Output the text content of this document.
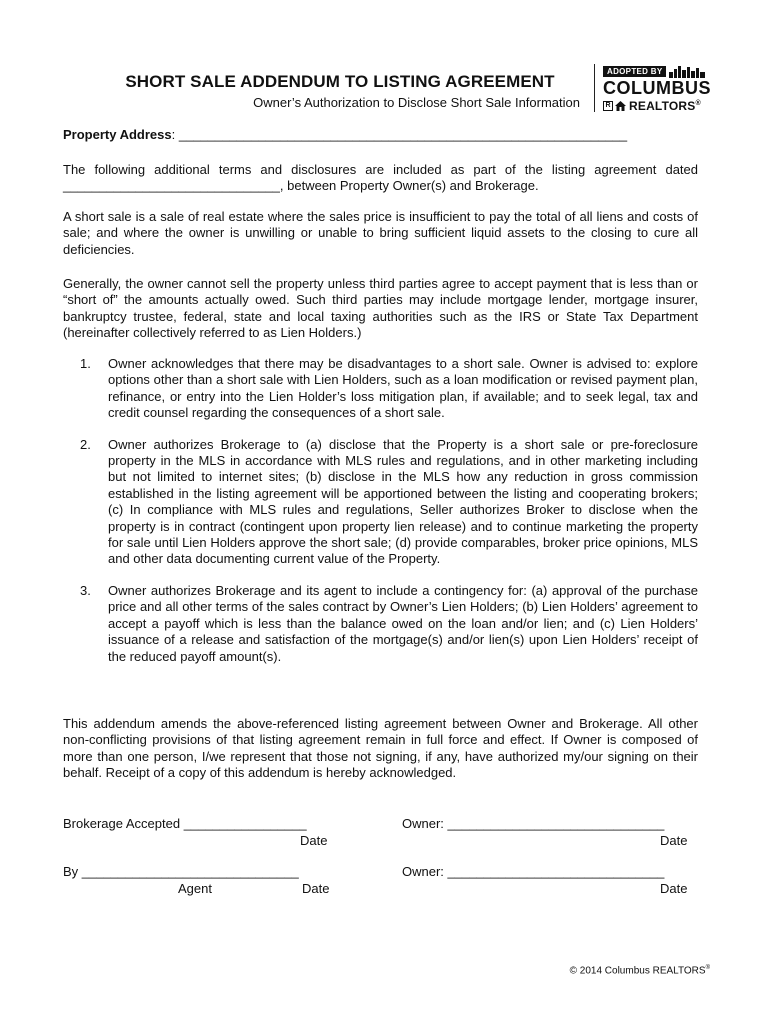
SHORT SALE ADDENDUM TO LISTING AGREEMENT
Owner’s Authorization to Disclose Short Sale Information
ADOPTED BY
COLUMBUS
R REALTORS®
Property Address: ______________________________________________________________
The following additional terms and disclosures are included as part of the listing agreement dated ______________________________, between Property Owner(s) and Brokerage.
A short sale is a sale of real estate where the sales price is insufficient to pay the total of all liens and costs of sale; and where the owner is unwilling or unable to bring sufficient liquid assets to the closing to cure all deficiencies.
Generally, the owner cannot sell the property unless third parties agree to accept payment that is less than or “short of” the amounts actually owed. Such third parties may include mortgage lender, mortgage insurer, bankruptcy trustee, federal, state and local taxing authorities such as the IRS or State Tax Department (hereinafter collectively referred to as Lien Holders.)
1.	Owner acknowledges that there may be disadvantages to a short sale. Owner is advised to: explore options other than a short sale with Lien Holders, such as a loan modification or revised payment plan, refinance, or entry into the Lien Holder’s loss mitigation plan, if available; and to seek legal, tax and credit counsel regarding the consequences of a short sale.
2.	Owner authorizes Brokerage to (a) disclose that the Property is a short sale or pre-foreclosure property in the MLS in accordance with MLS rules and regulations, and in other marketing including but not limited to internet sites; (b) disclose in the MLS how any reduction in gross commission established in the listing agreement will be apportioned between the listing and cooperating brokers; (c) In compliance with MLS rules and regulations, Seller authorizes Broker to disclose when the property is in contract (contingent upon property lien release) and to continue marketing the property for sale until Lien Holders approve the short sale; (d) provide comparables, broker price opinions, MLS and other data documenting current value of the Property.
3.	Owner authorizes Brokerage and its agent to include a contingency for: (a) approval of the purchase price and all other terms of the sales contract by Owner’s Lien Holders; (b) Lien Holders’ agreement to accept a payoff which is less than the balance owed on the loan and/or lien; and (c) Lien Holders’ issuance of a release and satisfaction of the mortgage(s) and/or lien(s) upon Lien Holders’ receipt of the reduced payoff amount(s).
This addendum amends the above-referenced listing agreement between Owner and Brokerage. All other non-conflicting provisions of that listing agreement remain in full force and effect. If Owner is composed of more than one person, I/we represent that those not signing, if any, have authorized my/our signing on their behalf. Receipt of a copy of this addendum is hereby acknowledged.
Brokerage Accepted _________________
Date
Owner: ______________________________
Date
By ______________________________
Agent	Date
Owner: ______________________________
Date
© 2014 Columbus REALTORS®
